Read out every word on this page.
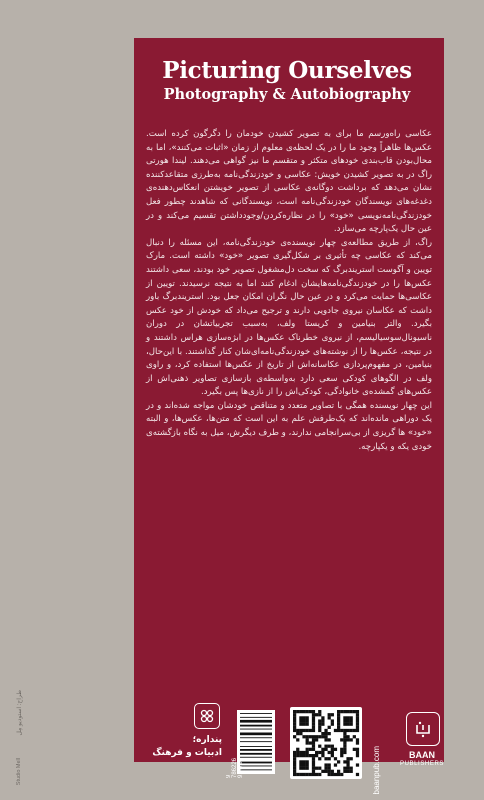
Picturing Ourselves
Photography & Autobiography

عکاسی راه‌ورسم ما برای به تصویر کشیدن خودمان را دگرگون کرده است. عکس‌ها ظاهراً وجود ما را در یک لحظه‌ی معلوم از زمان «اثبات می‌کنند»، اما به محال‌بودن قاب‌بندی خودهای متکثر و متقسم ما نیز گواهی می‌دهند. لیندا هورتی راگ در به تصویر کشیدن خویش: عکاسی و خودزندگی‌نامه به‌طرزی متقاعدکننده نشان می‌دهد که برداشت دوگانه‌ی عکاسی از تصویر خویشتن انعکاس‌دهنده‌ی دغدغه‌های نویسندگان خودزندگی‌نامه است، نویسندگانی که شاهدند چطور فعل خودزندگی‌نامه‌نویسی «خود» را در نظاره‌کردن/وجودداشتن تقسیم می‌کند و در عین حال یک‌پارچه می‌سازد.

راگ، از طریق مطالعه‌ی چهار نویسنده‌ی خودزندگی‌نامه، این مسئله را دنبال می‌کند که عکاسی چه تأثیری بر شکل‌گیری تصویر «خود» داشته است. مارک تویین و آگوست استریندبرگ که سخت دل‌مشغول تصویر خود بودند، سعی داشتند عکس‌ها را در خودزندگی‌نامه‌هایشان ادغام کنند اما به نتیجه نرسیدند. تویین از عکاسی‌ها حمایت می‌کرد و در عین حال نگران امکان جعل بود. استریندبرگ باور داشت که عکاسان نیروی جادویی دارند و ترجیح می‌داد که خودش از خود عکس بگیرد. والتر بنیامین و کریستا ولف، به‌سبب تجربیاتشان در دوران ناسیونال‌سوسیالیسم، از نیروی خطرناک عکس‌ها در ابژه‌سازی هراس داشتند و در نتیجه، عکس‌ها را از نوشته‌های خودزندگی‌نامه‌ای‌شان کنار گذاشتند. با این‌حال، بنیامین، در مفهوم‌پردازی عکاسانه‌اش از تاریخ از عکس‌ها استفاده کرد، و راوی ولف در الگوهای کودکی سعی دارد به‌واسطه‌ی بازسازی تصاویر ذهنی‌اش از عکس‌های گمشده‌ی خانوادگی، کودکی‌اش را از نازی‌ها پس بگیرد.

این چهار نویسنده همگی با تصاویر متعدد و متناقض خودشان مواجه شده‌اند و در یک دوراهی مانده‌اند که یک‌طرفش علم به این است که متن‌ها، عکس‌ها، و البته «خود» ها گریزی از بی‌سرانجامی ندارند، و طرف دیگرش، میل به نگاه بازگشته‌ی خودی یکه و یکپارچه.

BAAN
PUBLISHERS
baanpub.com
9 786226 914791
پنداره؛
ادبیات و فرهنگ
طراح: استودیو مِل
Studio Mell
